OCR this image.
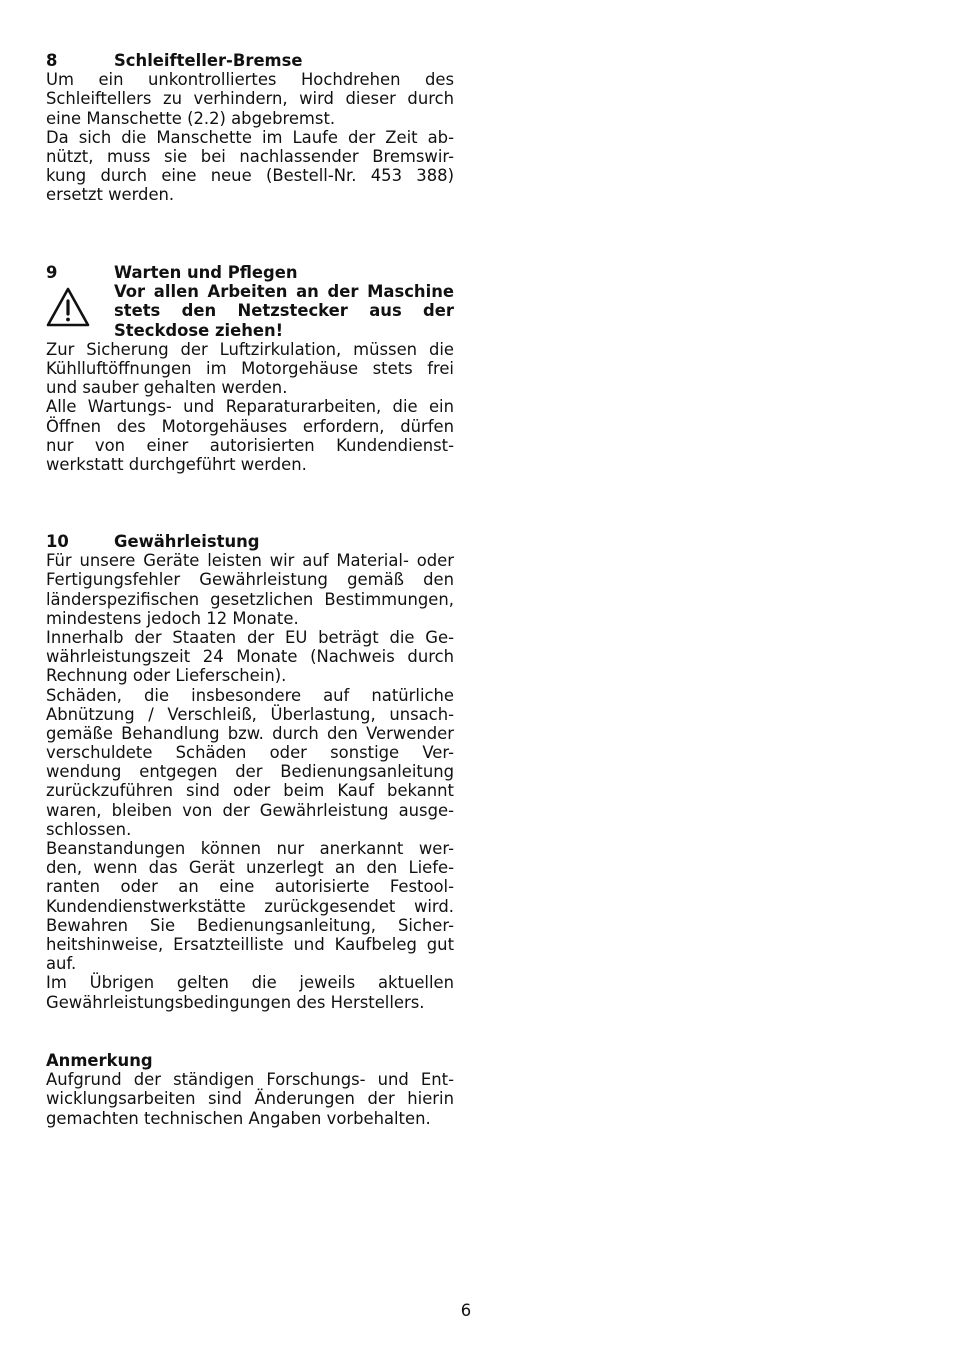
8	Schleifteller-Bremse
Um ein unkontrolliertes Hochdrehen des
Schleiftellers zu verhindern, wird dieser durch
eine Manschette (2.2) abgebremst.
Da sich die Manschette im Laufe der Zeit ab-
nützt, muss sie bei nachlassender Bremswir-
kung durch eine neue (Bestell-Nr. 453 388)
ersetzt werden.
9	Warten und Pflegen
Vor allen Arbeiten an der Maschine
stets den Netzstecker aus der
Steckdose ziehen!
Zur Sicherung der Luftzirkulation, müssen die
Kühlluftöffnungen im Motorgehäuse stets frei
und sauber gehalten werden.
Alle Wartungs- und Reparaturarbeiten, die ein
Öffnen des Motorgehäuses erfordern, dürfen
nur von einer autorisierten Kundendienst-
werkstatt durchgeführt werden.
10	Gewährleistung
Für unsere Geräte leisten wir auf Material- oder
Fertigungsfehler Gewährleistung gemäß den
länderspezifischen gesetzlichen Bestimmungen,
mindestens jedoch 12 Monate.
Innerhalb der Staaten der EU beträgt die Ge-
währleistungszeit 24 Monate (Nachweis durch
Rechnung oder Lieferschein).
Schäden, die insbesondere auf natürliche
Abnützung / Verschleiß, Überlastung, unsach-
gemäße Behandlung bzw. durch den Verwender
verschuldete Schäden oder sonstige Ver-
wendung entgegen der Bedienungsanleitung
zurückzuführen sind oder beim Kauf bekannt
waren, bleiben von der Gewährleistung ausge-
schlossen.
Beanstandungen können nur anerkannt wer-
den, wenn das Gerät unzerlegt an den Liefe-
ranten oder an eine autorisierte Festool-
Kundendienstwerkstätte zurückgesendet wird.
Bewahren Sie Bedienungsanleitung, Sicher-
heitshinweise, Ersatzteilliste und Kaufbeleg gut
auf.
Im Übrigen gelten die jeweils aktuellen
Gewährleistungsbedingungen des Herstellers.
Anmerkung
Aufgrund der ständigen Forschungs- und Ent-
wicklungsarbeiten sind Änderungen der hierin
gemachten technischen Angaben vorbehalten.
6
